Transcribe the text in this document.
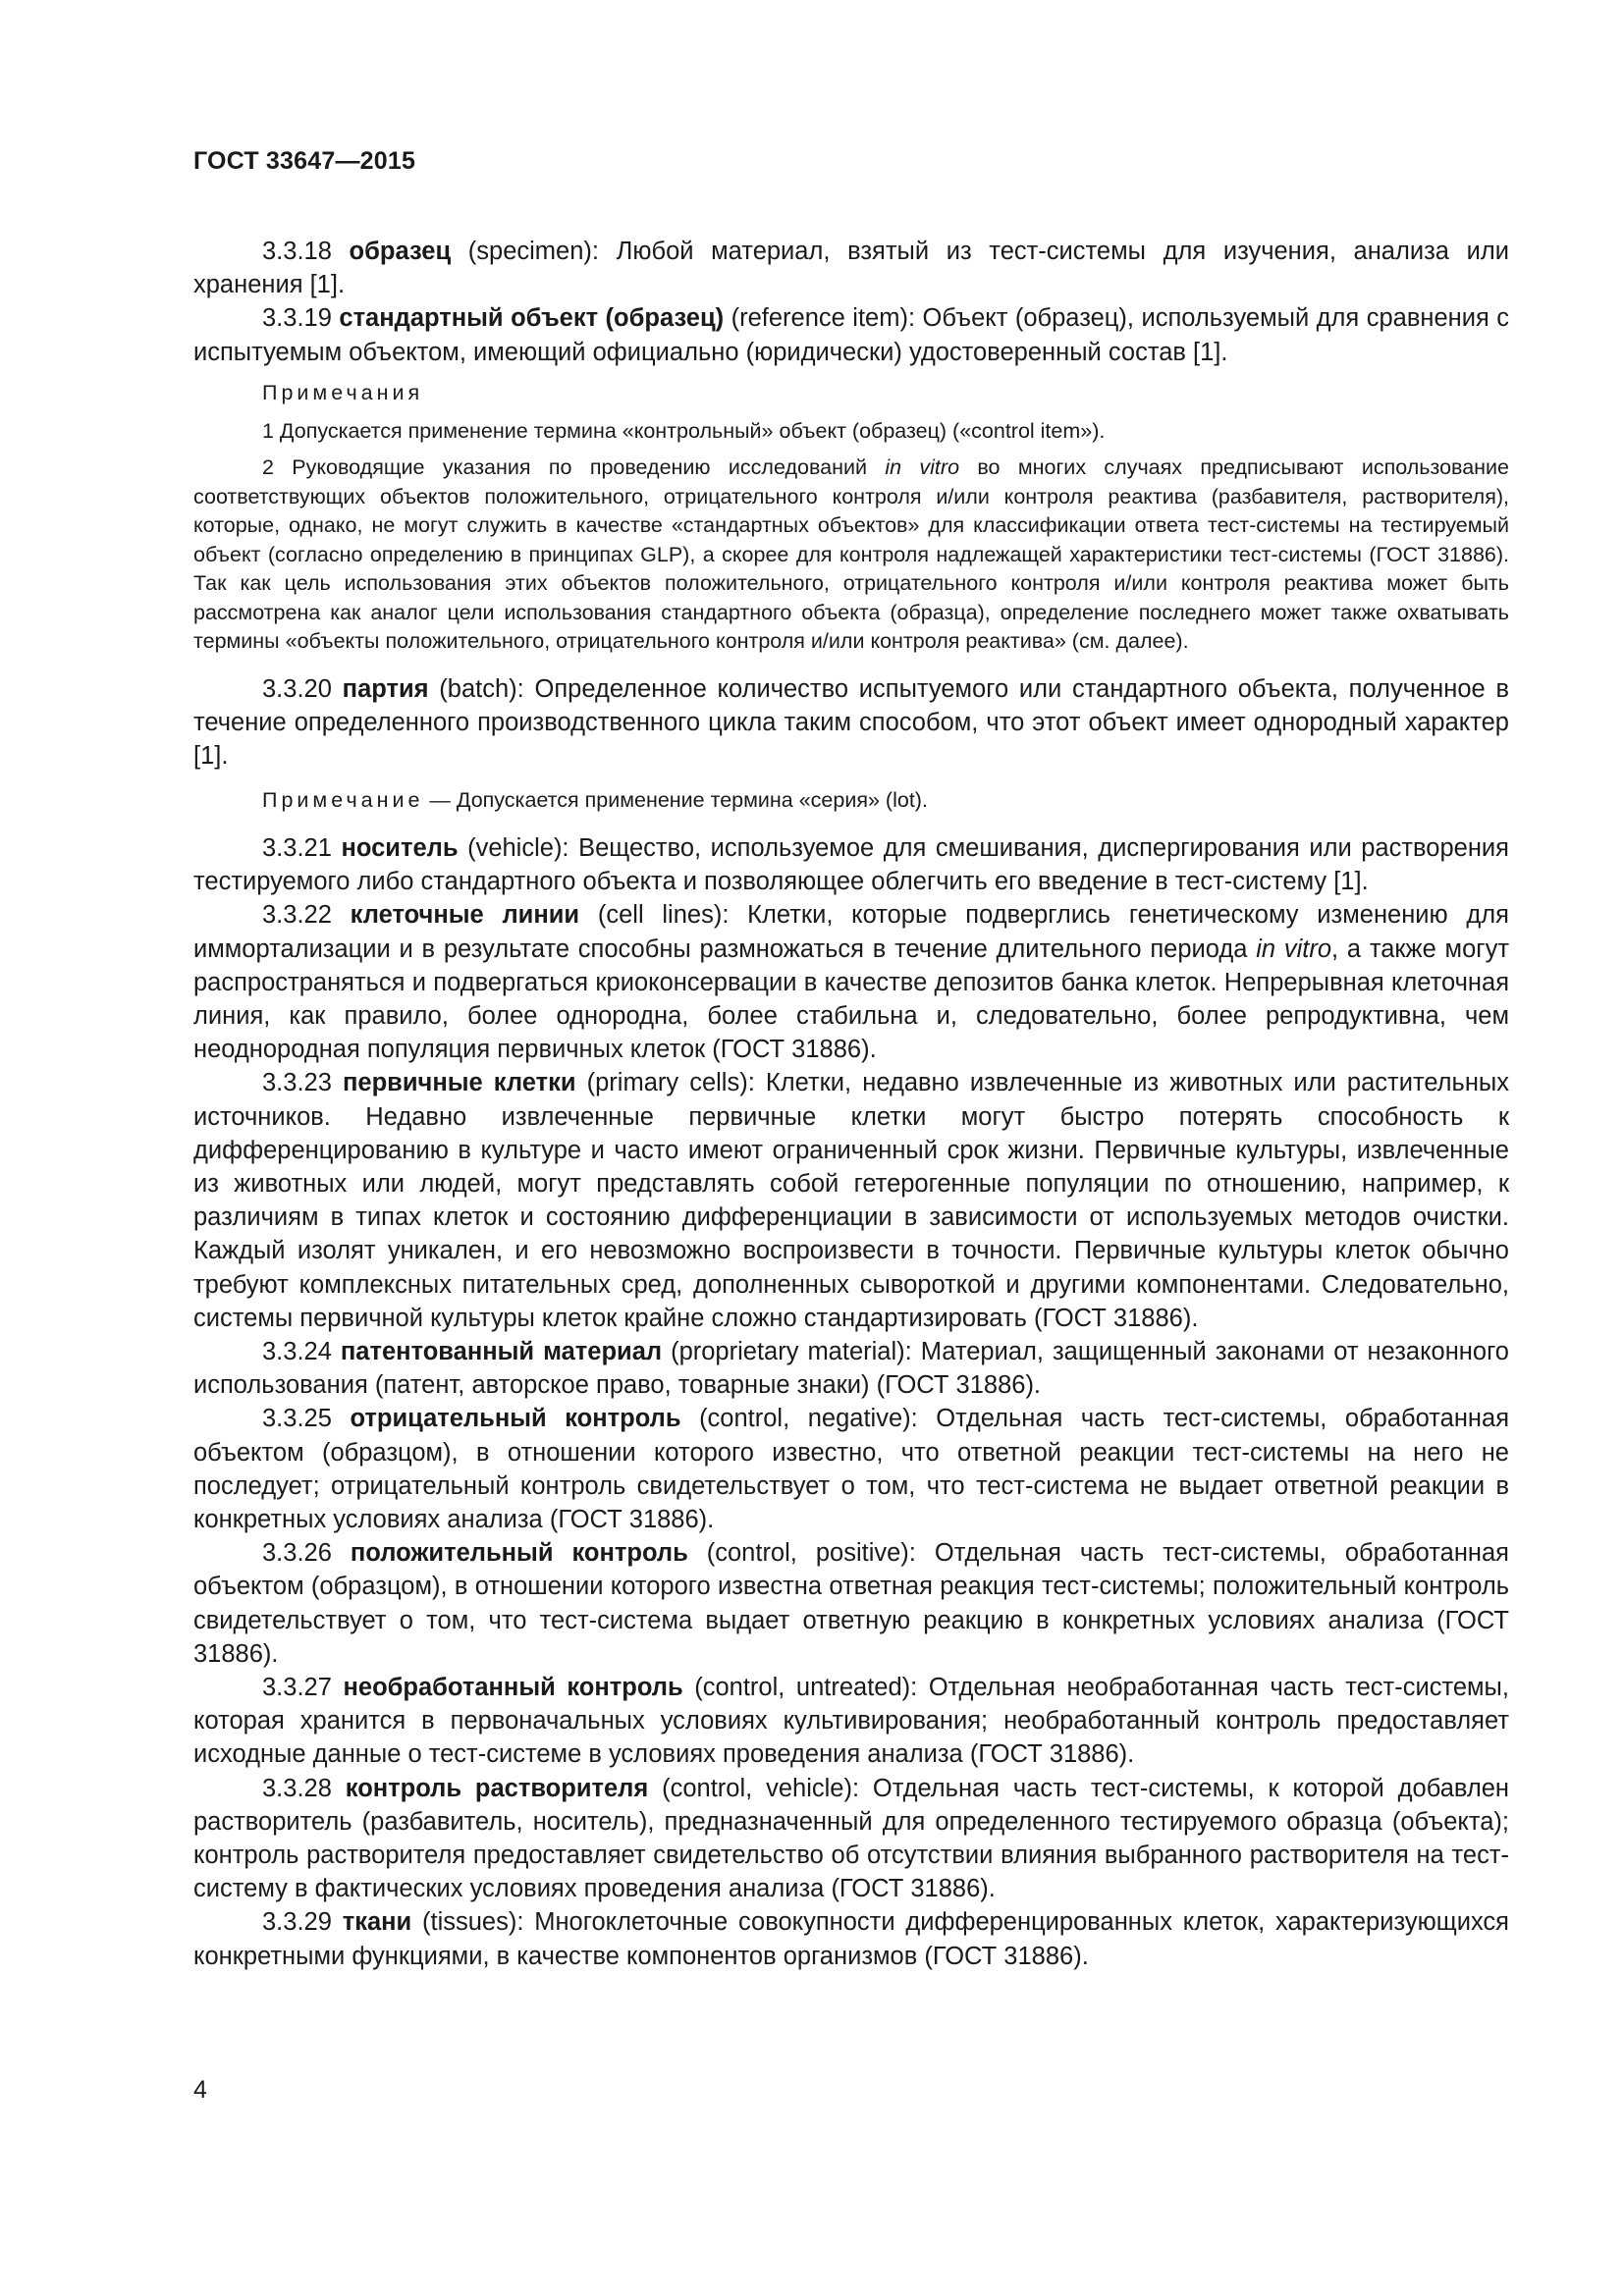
ГОСТ 33647—2015

3.3.18 образец (specimen): Любой материал, взятый из тест-системы для изучения, анализа или хранения [1].

3.3.19 стандартный объект (образец) (reference item): Объект (образец), используемый для сравнения с испытуемым объектом, имеющий официально (юридически) удостоверенный состав [1].

Примечания

1 Допускается применение термина «контрольный» объект (образец) («control item»).

2 Руководящие указания по проведению исследований in vitro во многих случаях предписывают использование соответствующих объектов положительного, отрицательного контроля и/или контроля реактива (разбавителя, растворителя), которые, однако, не могут служить в качестве «стандартных объектов» для классификации ответа тест-системы на тестируемый объект (согласно определению в принципах GLP), а скорее для контроля надлежащей характеристики тест-системы (ГОСТ 31886). Так как цель использования этих объектов положительного, отрицательного контроля и/или контроля реактива может быть рассмотрена как аналог цели использования стандартного объекта (образца), определение последнего может также охватывать термины «объекты положительного, отрицательного контроля и/или контроля реактива» (см. далее).

3.3.20 партия (batch): Определенное количество испытуемого или стандартного объекта, полученное в течение определенного производственного цикла таким способом, что этот объект имеет однородный характер [1].

Примечание — Допускается применение термина «серия» (lot).

3.3.21 носитель (vehicle): Вещество, используемое для смешивания, диспергирования или растворения тестируемого либо стандартного объекта и позволяющее облегчить его введение в тест-систему [1].

3.3.22 клеточные линии (cell lines): Клетки, которые подверглись генетическому изменению для иммортализации и в результате способны размножаться в течение длительного периода in vitro, а также могут распространяться и подвергаться криоконсервации в качестве депозитов банка клеток. Непрерывная клеточная линия, как правило, более однородна, более стабильна и, следовательно, более репродуктивна, чем неоднородная популяция первичных клеток (ГОСТ 31886).

3.3.23 первичные клетки (primary cells): Клетки, недавно извлеченные из животных или растительных источников. Недавно извлеченные первичные клетки могут быстро потерять способность к дифференцированию в культуре и часто имеют ограниченный срок жизни. Первичные культуры, извлеченные из животных или людей, могут представлять собой гетерогенные популяции по отношению, например, к различиям в типах клеток и состоянию дифференциации в зависимости от используемых методов очистки. Каждый изолят уникален, и его невозможно воспроизвести в точности. Первичные культуры клеток обычно требуют комплексных питательных сред, дополненных сывороткой и другими компонентами. Следовательно, системы первичной культуры клеток крайне сложно стандартизировать (ГОСТ 31886).

3.3.24 патентованный материал (proprietary material): Материал, защищенный законами от незаконного использования (патент, авторское право, товарные знаки) (ГОСТ 31886).

3.3.25 отрицательный контроль (control, negative): Отдельная часть тест-системы, обработанная объектом (образцом), в отношении которого известно, что ответной реакции тест-системы на него не последует; отрицательный контроль свидетельствует о том, что тест-система не выдает ответной реакции в конкретных условиях анализа (ГОСТ 31886).

3.3.26 положительный контроль (control, positive): Отдельная часть тест-системы, обработанная объектом (образцом), в отношении которого известна ответная реакция тест-системы; положительный контроль свидетельствует о том, что тест-система выдает ответную реакцию в конкретных условиях анализа (ГОСТ 31886).

3.3.27 необработанный контроль (control, untreated): Отдельная необработанная часть тест-системы, которая хранится в первоначальных условиях культивирования; необработанный контроль предоставляет исходные данные о тест-системе в условиях проведения анализа (ГОСТ 31886).

3.3.28 контроль растворителя (control, vehicle): Отдельная часть тест-системы, к которой добавлен растворитель (разбавитель, носитель), предназначенный для определенного тестируемого образца (объекта); контроль растворителя предоставляет свидетельство об отсутствии влияния выбранного растворителя на тест-систему в фактических условиях проведения анализа (ГОСТ 31886).

3.3.29 ткани (tissues): Многоклеточные совокупности дифференцированных клеток, характеризующихся конкретными функциями, в качестве компонентов организмов (ГОСТ 31886).

4
